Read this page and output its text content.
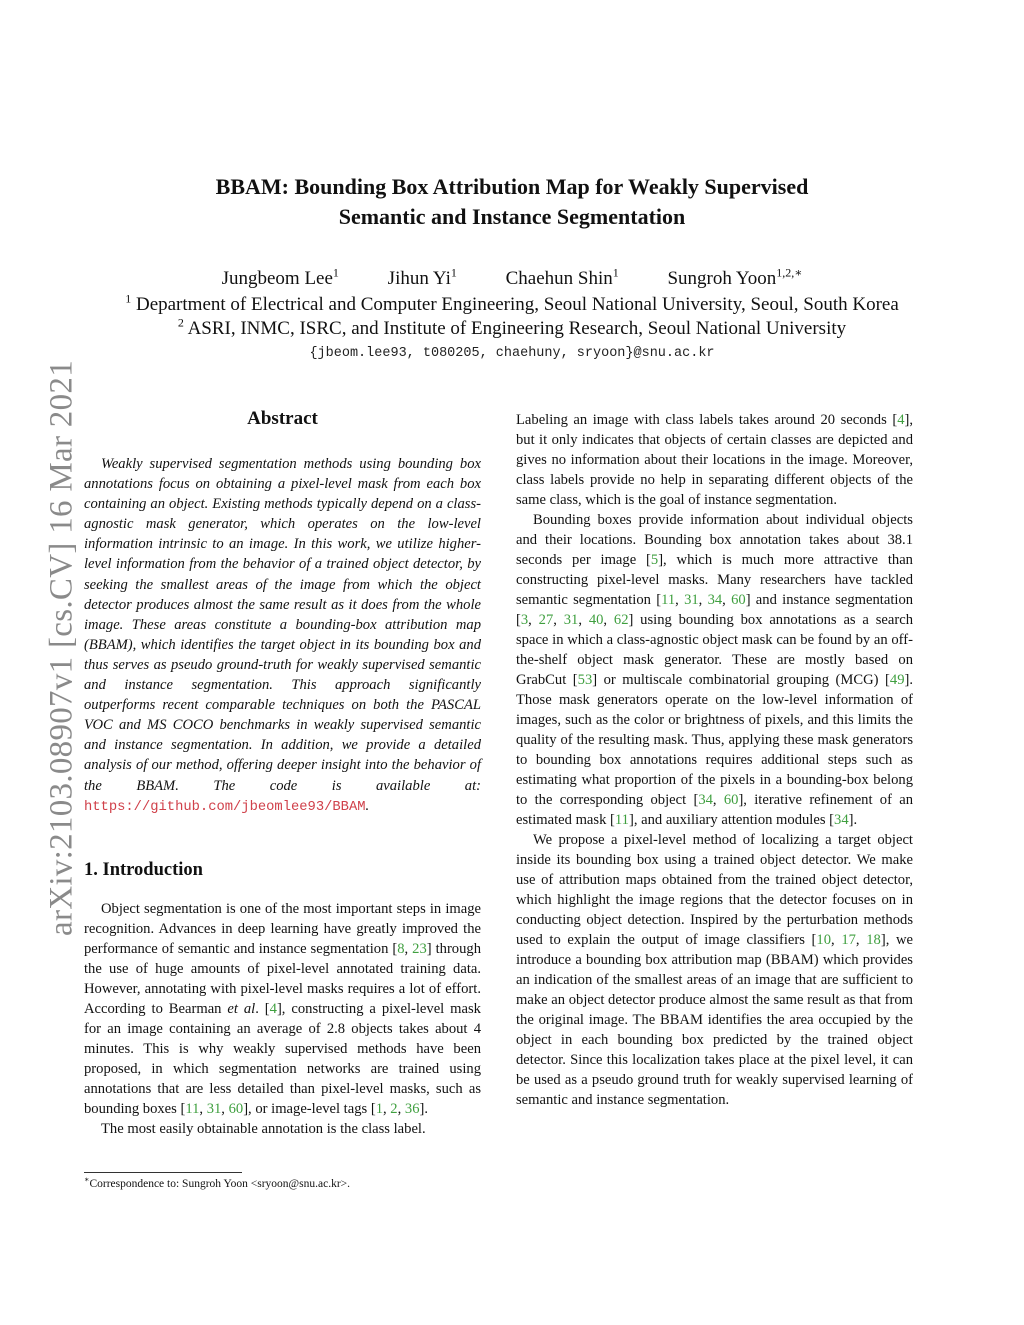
arXiv:2103.08907v1 [cs.CV] 16 Mar 2021
BBAM: Bounding Box Attribution Map for Weakly Supervised
Semantic and Instance Segmentation
Jungbeom Lee$^1$	Jihun Yi$^1$	Chaehun Shin$^1$	Sungroh Yoon$^{1,2,∗}$
$^1$ Department of Electrical and Computer Engineering, Seoul National University, Seoul, South Korea
$^2$ ASRI, INMC, ISRC, and Institute of Engineering Research, Seoul National University
{jbeom.lee93, t080205, chaehuny, sryoon}@snu.ac.kr
Abstract

Weakly supervised segmentation methods using bounding box annotations focus on obtaining a pixel-level mask from each box containing an object. Existing methods typically depend on a class-agnostic mask generator, which operates on the low-level information intrinsic to an image. In this work, we utilize higher-level information from the behavior of a trained object detector, by seeking the smallest areas of the image from which the object detector produces almost the same result as it does from the whole image. These areas constitute a bounding-box attribution map (BBAM), which identifies the target object in its bounding box and thus serves as pseudo ground-truth for weakly supervised semantic and instance segmentation. This approach significantly outperforms recent comparable techniques on both the PASCAL VOC and MS COCO benchmarks in weakly supervised semantic and instance segmentation. In addition, we provide a detailed analysis of our method, offering deeper insight into the behavior of the BBAM. The code is available at: https://github.com/jbeomlee93/BBAM.

1. Introduction

Object segmentation is one of the most important steps in image recognition. Advances in deep learning have greatly improved the performance of semantic and instance segmentation [8, 23] through the use of huge amounts of pixel-level annotated training data. However, annotating with pixel-level masks requires a lot of effort. According to Bearman et al. [4], constructing a pixel-level mask for an image containing an average of 2.8 objects takes about 4 minutes. This is why weakly supervised methods have been proposed, in which segmentation networks are trained using annotations that are less detailed than pixel-level masks, such as bounding boxes [11, 31, 60], or image-level tags [1, 2, 36].

The most easily obtainable annotation is the class label.

Labeling an image with class labels takes around 20 seconds [4], but it only indicates that objects of certain classes are depicted and gives no information about their locations in the image. Moreover, class labels provide no help in separating different objects of the same class, which is the goal of instance segmentation.

Bounding boxes provide information about individual objects and their locations. Bounding box annotation takes about 38.1 seconds per image [5], which is much more attractive than constructing pixel-level masks. Many researchers have tackled semantic segmentation [11, 31, 34, 60] and instance segmentation [3, 27, 31, 40, 62] using bounding box annotations as a search space in which a class-agnostic object mask can be found by an off-the-shelf object mask generator. These are mostly based on GrabCut [53] or multiscale combinatorial grouping (MCG) [49]. Those mask generators operate on the low-level information of images, such as the color or brightness of pixels, and this limits the quality of the resulting mask. Thus, applying these mask generators to bounding box annotations requires additional steps such as estimating what proportion of the pixels in a bounding-box belong to the corresponding object [34, 60], iterative refinement of an estimated mask [11], and auxiliary attention modules [34].

We propose a pixel-level method of localizing a target object inside its bounding box using a trained object detector. We make use of attribution maps obtained from the trained object detector, which highlight the image regions that the detector focuses on in conducting object detection. Inspired by the perturbation methods used to explain the output of image classifiers [10, 17, 18], we introduce a bounding box attribution map (BBAM) which provides an indication of the smallest areas of an image that are sufficient to make an object detector produce almost the same result as that from the original image. The BBAM identifies the area occupied by the object in each bounding box predicted by the trained object detector. Since this localization takes place at the pixel level, it can be used as a pseudo ground truth for weakly supervised learning of semantic and instance segmentation.

∗Correspondence to: Sungroh Yoon <sryoon@snu.ac.kr>.
